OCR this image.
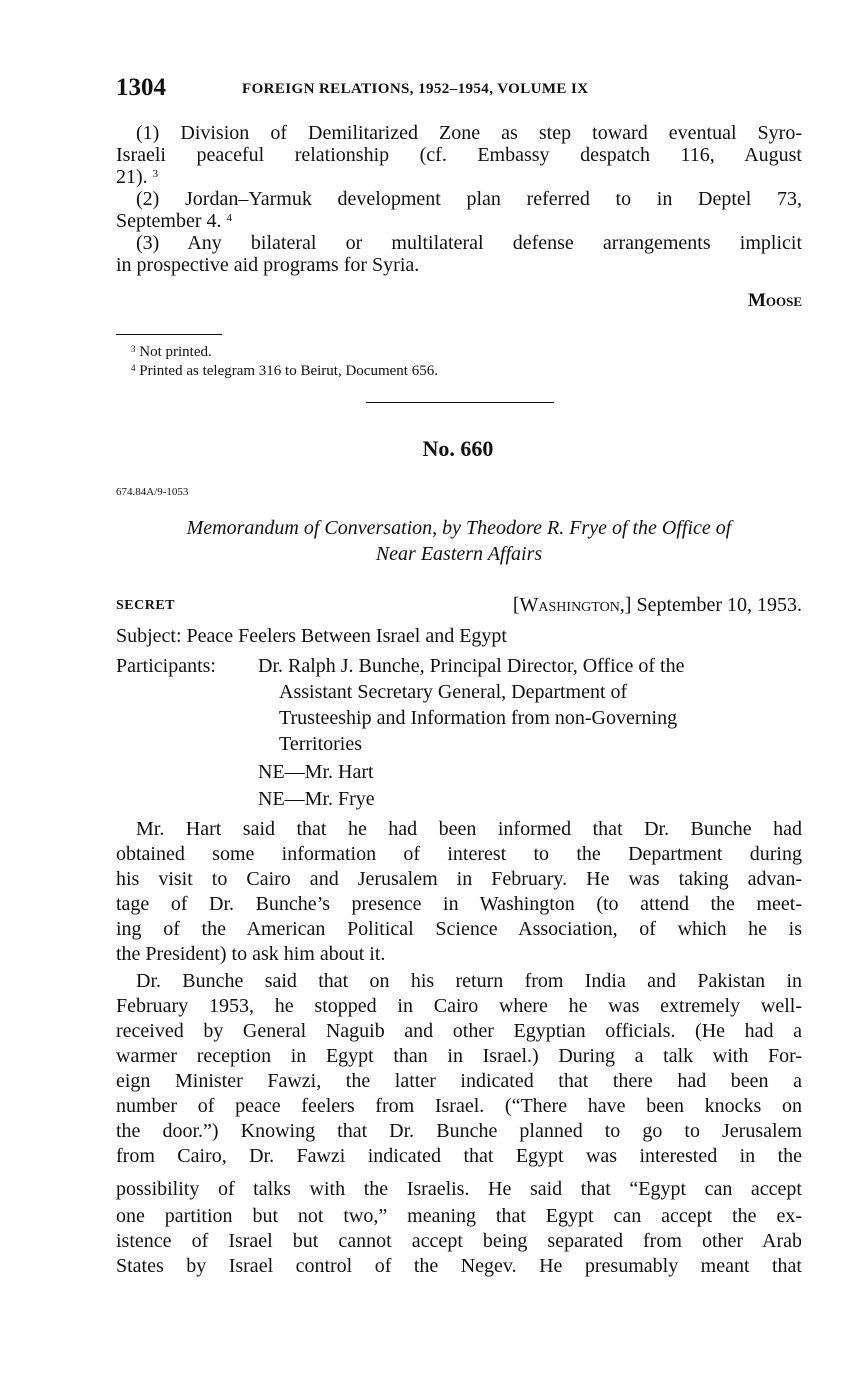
1304	FOREIGN RELATIONS, 1952–1954, VOLUME IX
(1) Division of Demilitarized Zone as step toward eventual Syro-
Israeli peaceful relationship (cf. Embassy despatch 116, August
21). $^3$
(2) Jordan–Yarmuk development plan referred to in Deptel 73,
September 4. $^4$
(3) Any bilateral or multilateral defense arrangements implicit
in prospective aid programs for Syria.
Moose
$^3$ Not printed.
$^4$ Printed as telegram 316 to Beirut, Document 656.
No. 660
674.84A/9-1053
Memorandum of Conversation, by Theodore R. Frye of the Office of
Near Eastern Affairs
SECRET	[Washington,] September 10, 1953.
Subject: Peace Feelers Between Israel and Egypt
Participants: Dr. Ralph J. Bunche, Principal Director, Office of the
Assistant Secretary General, Department of
Trusteeship and Information from non-Governing
Territories
NE—Mr. Hart
NE—Mr. Frye
Mr. Hart said that he had been informed that Dr. Bunche had
obtained some information of interest to the Department during
his visit to Cairo and Jerusalem in February. He was taking advan-
tage of Dr. Bunche’s presence in Washington (to attend the meet-
ing of the American Political Science Association, of which he is
the President) to ask him about it.
Dr. Bunche said that on his return from India and Pakistan in
February 1953, he stopped in Cairo where he was extremely well-
received by General Naguib and other Egyptian officials. (He had a
warmer reception in Egypt than in Israel.) During a talk with For-
eign Minister Fawzi, the latter indicated that there had been a
number of peace feelers from Israel. (“There have been knocks on
the door.”) Knowing that Dr. Bunche planned to go to Jerusalem
from Cairo, Dr. Fawzi indicated that Egypt was interested in the
possibility of talks with the Israelis. He said that “Egypt can accept
one partition but not two,” meaning that Egypt can accept the ex-
istence of Israel but cannot accept being separated from other Arab
States by Israel control of the Negev. He presumably meant that
